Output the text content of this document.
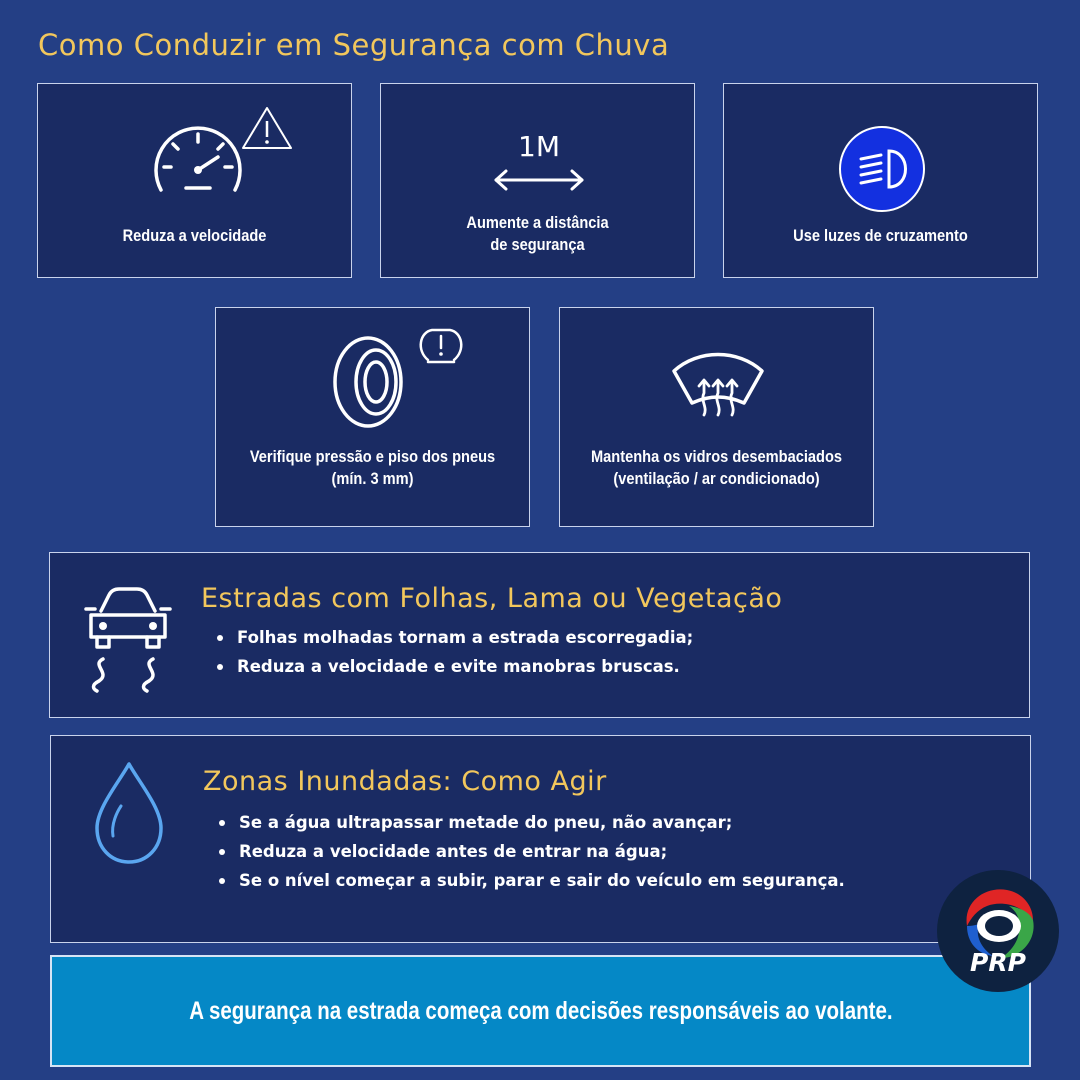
Como Conduzir em Segurança com Chuva
Reduza a velocidade
1M
Aumente a distância
de segurança	Use luzes de cruzamento
Verifique pressão e piso dos pneus
(mín. 3 mm)
Mantenha os vidros desembaciados
(ventilação / ar condicionado)
Estradas com Folhas, Lama ou Vegetação
Folhas molhadas tornam a estrada escorregadia;
Reduza a velocidade e evite manobras bruscas.
Zonas Inundadas: Como Agir
Se a água ultrapassar metade do pneu, não avançar;
Reduza a velocidade antes de entrar na água;
Se o nível começar a subir, parar e sair do veículo em segurança.
A segurança na estrada começa com decisões responsáveis ao volante.
PRP
